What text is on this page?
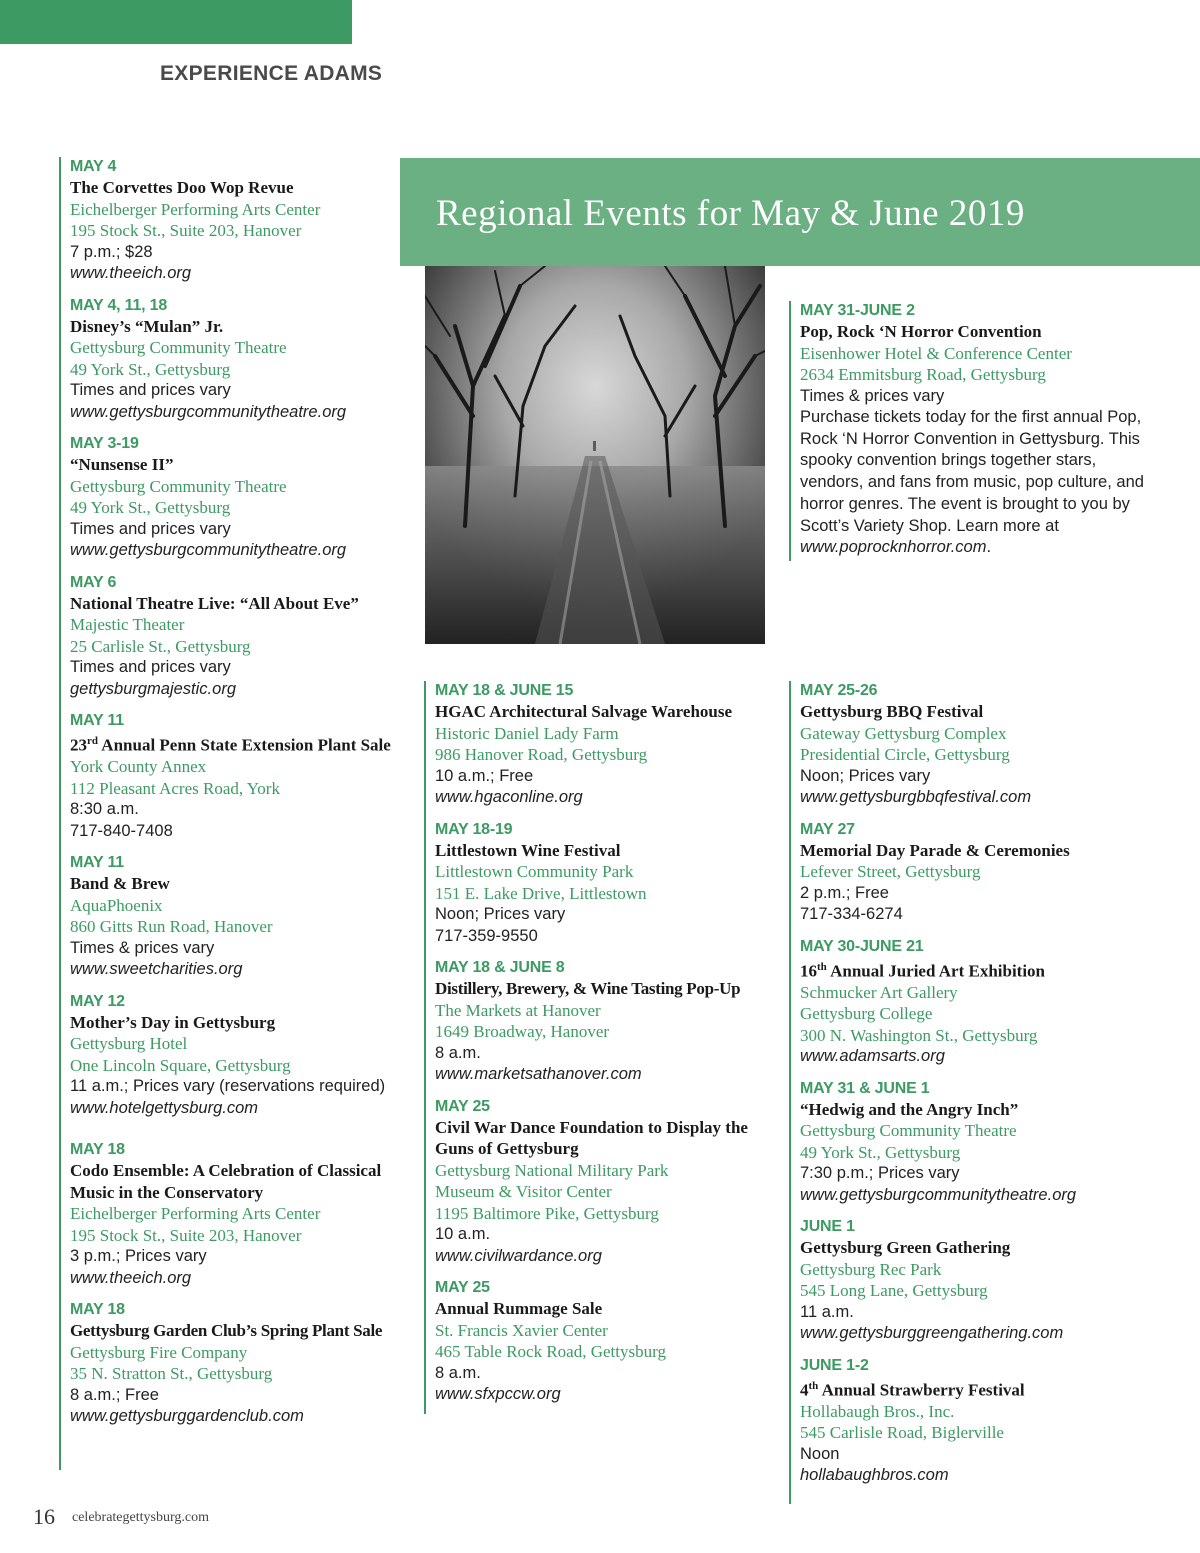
EXPERIENCE ADAMS
Regional Events for May & June 2019
MAY 4
The Corvettes Doo Wop Revue
Eichelberger Performing Arts Center
195 Stock St., Suite 203, Hanover
7 p.m.; $28
www.theeich.org
MAY 4, 11, 18
Disney’s “Mulan” Jr.
Gettysburg Community Theatre
49 York St., Gettysburg
Times and prices vary
www.gettysburgcommunitytheatre.org
MAY 3-19
“Nunsense II”
Gettysburg Community Theatre
49 York St., Gettysburg
Times and prices vary
www.gettysburgcommunitytheatre.org
MAY 6
National Theatre Live: “All About Eve”
Majestic Theater
25 Carlisle St., Gettysburg
Times and prices vary
gettysburgmajestic.org
MAY 11
23rd Annual Penn State Extension Plant Sale
York County Annex
112 Pleasant Acres Road, York
8:30 a.m.
717-840-7408
MAY 11
Band & Brew
AquaPhoenix
860 Gitts Run Road, Hanover
Times & prices vary
www.sweetcharities.org
MAY 12
Mother’s Day in Gettysburg
Gettysburg Hotel
One Lincoln Square, Gettysburg
11 a.m.; Prices vary (reservations required)
www.hotelgettysburg.com
MAY 18
Codo Ensemble: A Celebration of Classical Music in the Conservatory
Eichelberger Performing Arts Center
195 Stock St., Suite 203, Hanover
3 p.m.; Prices vary
www.theeich.org
MAY 18
Gettysburg Garden Club’s Spring Plant Sale
Gettysburg Fire Company
35 N. Stratton St., Gettysburg
8 a.m.; Free
www.gettysburggardenclub.com
MAY 18 & JUNE 15
HGAC Architectural Salvage Warehouse
Historic Daniel Lady Farm
986 Hanover Road, Gettysburg
10 a.m.; Free
www.hgaconline.org
MAY 18-19
Littlestown Wine Festival
Littlestown Community Park
151 E. Lake Drive, Littlestown
Noon; Prices vary
717-359-9550
MAY 18 & JUNE 8
Distillery, Brewery, & Wine Tasting Pop-Up
The Markets at Hanover
1649 Broadway, Hanover
8 a.m.
www.marketsathanover.com
MAY 25
Civil War Dance Foundation to Display the Guns of Gettysburg
Gettysburg National Military Park
Museum & Visitor Center
1195 Baltimore Pike, Gettysburg
10 a.m.
www.civilwardance.org
MAY 25
Annual Rummage Sale
St. Francis Xavier Center
465 Table Rock Road, Gettysburg
8 a.m.
www.sfxpccw.org
MAY 31-JUNE 2
Pop, Rock ‘N Horror Convention
Eisenhower Hotel & Conference Center
2634 Emmitsburg Road, Gettysburg
Times & prices vary
Purchase tickets today for the first annual Pop, Rock ‘N Horror Convention in Gettysburg. This spooky convention brings together stars, vendors, and fans from music, pop culture, and horror genres. The event is brought to you by Scott’s Variety Shop. Learn more at www.poprocknhorror.com.
MAY 25-26
Gettysburg BBQ Festival
Gateway Gettysburg Complex
Presidential Circle, Gettysburg
Noon; Prices vary
www.gettysburgbbqfestival.com
MAY 27
Memorial Day Parade & Ceremonies
Lefever Street, Gettysburg
2 p.m.; Free
717-334-6274
MAY 30-JUNE 21
16th Annual Juried Art Exhibition
Schmucker Art Gallery
Gettysburg College
300 N. Washington St., Gettysburg
www.adamsarts.org
MAY 31 & JUNE 1
“Hedwig and the Angry Inch”
Gettysburg Community Theatre
49 York St., Gettysburg
7:30 p.m.; Prices vary
www.gettysburgcommunitytheatre.org
JUNE 1
Gettysburg Green Gathering
Gettysburg Rec Park
545 Long Lane, Gettysburg
11 a.m.
www.gettysburggreengathering.com
JUNE 1-2
4th Annual Strawberry Festival
Hollabaugh Bros., Inc.
545 Carlisle Road, Biglerville
Noon
hollabaughbros.com
16 celebrategettysburg.com
